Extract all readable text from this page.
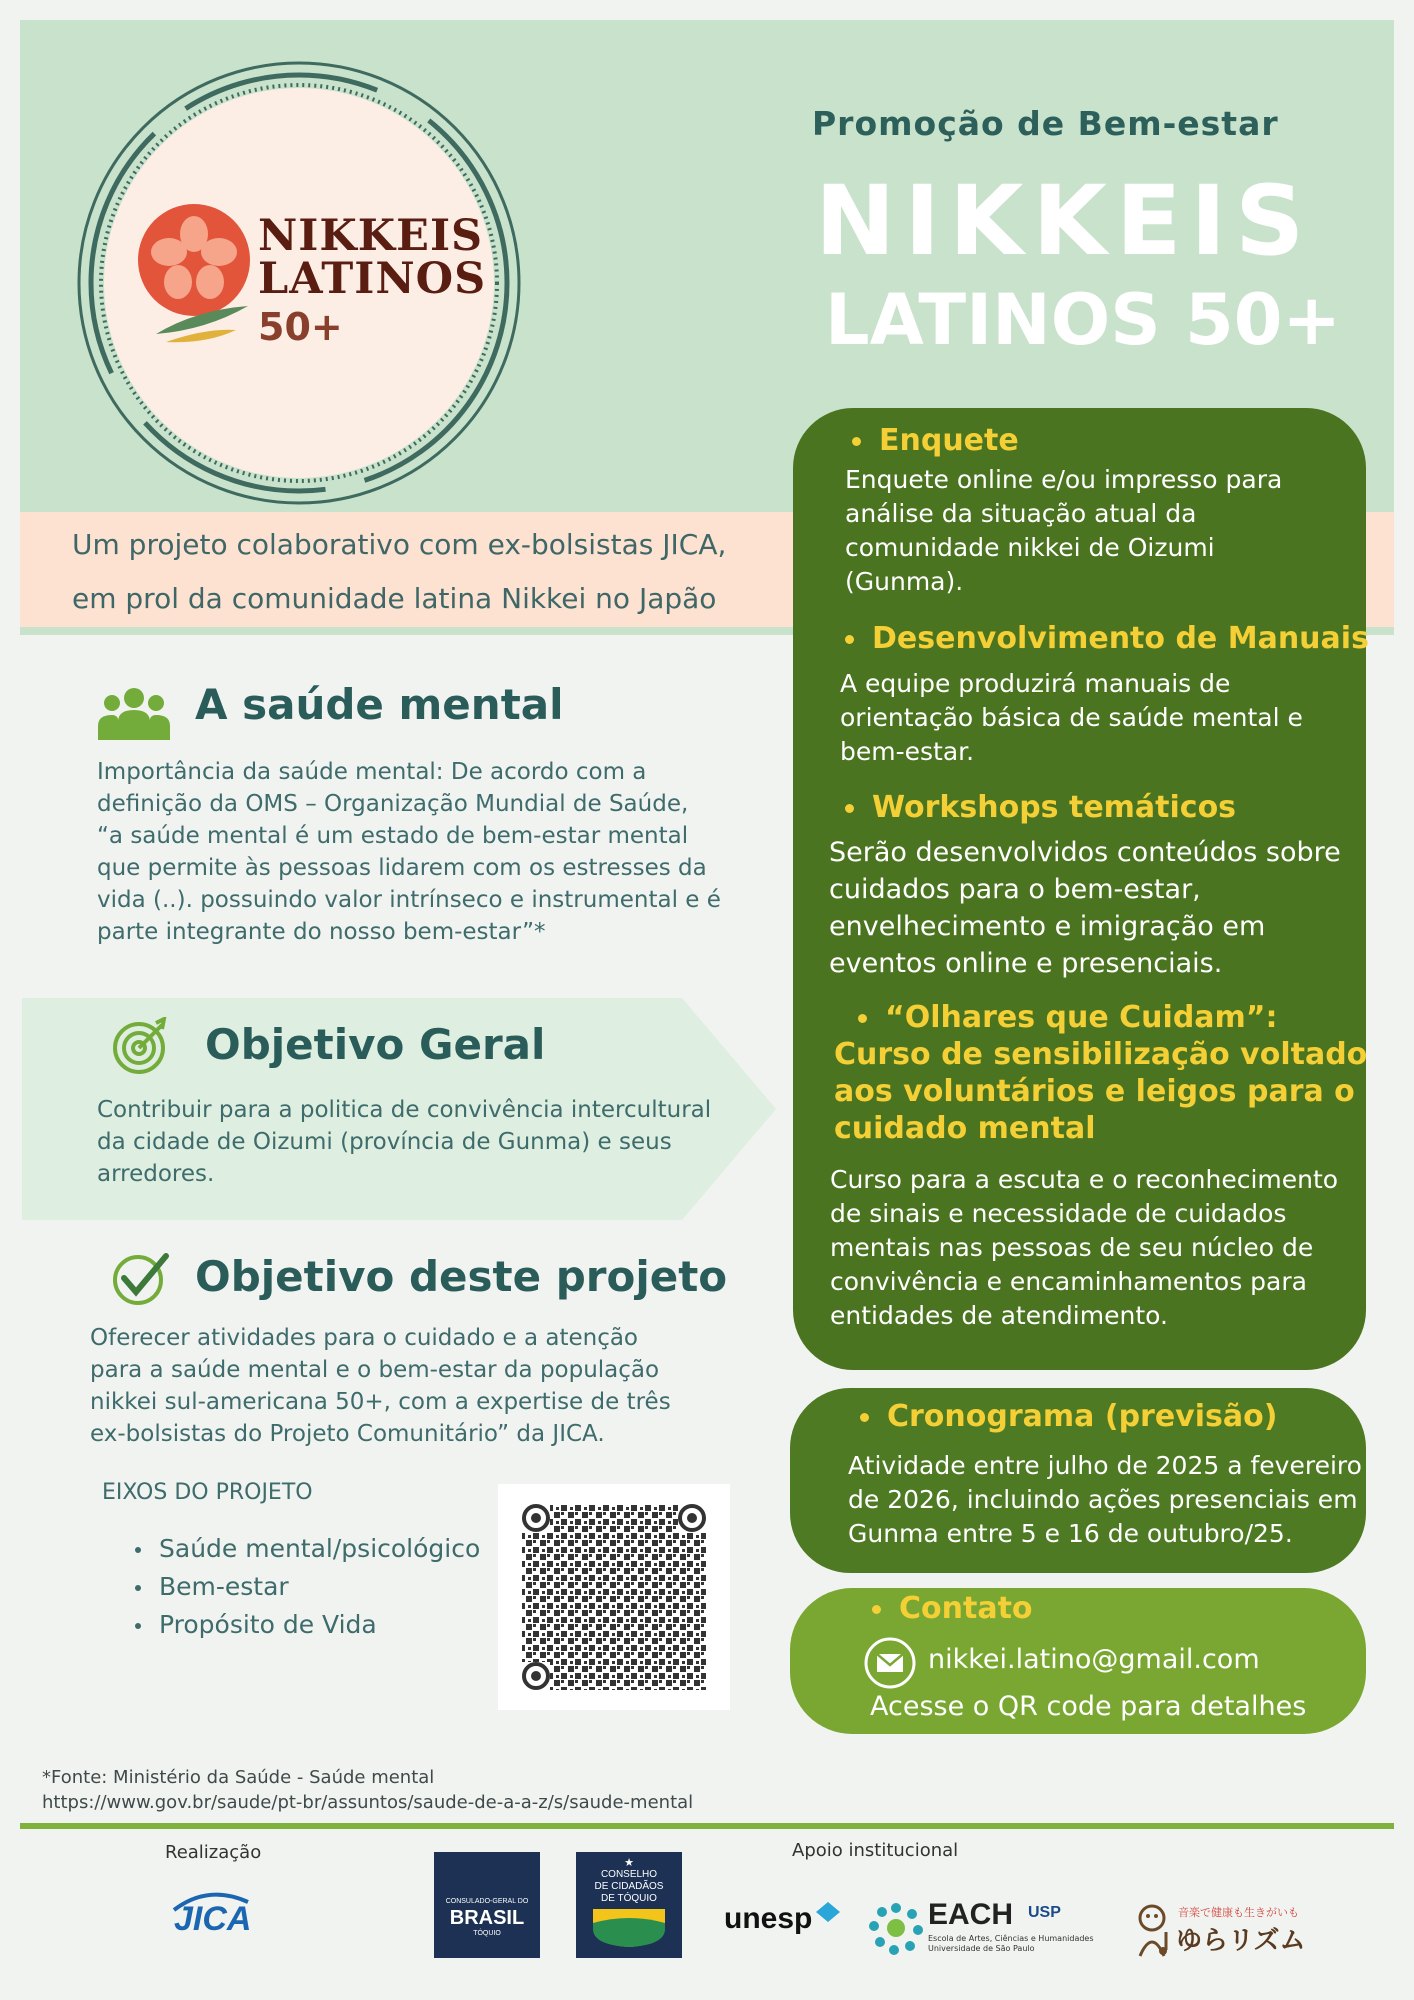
NIKKEIS
LATINOS
50+
Promoção de Bem-estar
NIKKEIS
LATINOS 50+
Um projeto colaborativo com ex-bolsistas JICA,
em prol da comunidade latina Nikkei no Japão
A saúde mental
Importância da saúde mental: De acordo com a
definição da OMS – Organização Mundial de Saúde,
“a saúde mental é um estado de bem-estar mental
que permite às pessoas lidarem com os estresses da
vida (..). possuindo valor intrínseco e instrumental e é
parte integrante do nosso bem-estar”*
Objetivo Geral
Contribuir para a politica de convivência intercultural
da cidade de Oizumi (província de Gunma) e seus
arredores.
Objetivo deste projeto
Oferecer atividades para o cuidado e a atenção
para a saúde mental e o bem-estar da população
nikkei sul-americana 50+, com a expertise de três
ex-bolsistas do Projeto Comunitário” da JICA.
EIXOS DO PROJETO
Saúde mental/psicológico
Bem-estar
Propósito de Vida
Enquete
Enquete online e/ou impresso para
análise da situação atual da
comunidade nikkei de Oizumi
(Gunma).
Desenvolvimento de Manuais
A equipe produzirá manuais de
orientação básica de saúde mental e
bem-estar.
Workshops temáticos
Serão desenvolvidos conteúdos sobre
cuidados para o bem-estar,
envelhecimento e imigração em
eventos online e presenciais.
“Olhares que Cuidam”:
Curso de sensibilização voltado
aos voluntários e leigos para o
cuidado mental
Curso para a escuta e o reconhecimento
de sinais e necessidade de cuidados
mentais nas pessoas de seu núcleo de
convivência e encaminhamentos para
entidades de atendimento.
Cronograma (previsão)
Atividade entre julho de 2025 a fevereiro
de 2026, incluindo ações presenciais em
Gunma entre 5 e 16 de outubro/25.
Contato
nikkei.latino@gmail.com
Acesse o QR code para detalhes
*Fonte: Ministério da Saúde - Saúde mental
https://www.gov.br/saude/pt-br/assuntos/saude-de-a-a-z/s/saude-mental
Realização	Apoio institucional
JICA	CONSULADO-GERAL DO
BRASIL
TÓQUIO
★
CONSELHO
DE CIDADÃOS
DE TÓQUIO
unesp	EACH USP
Escola de Artes, Ciências e Humanidades
Universidade de São Paulo
音楽で健康も生きがいも
ゆらリズム
